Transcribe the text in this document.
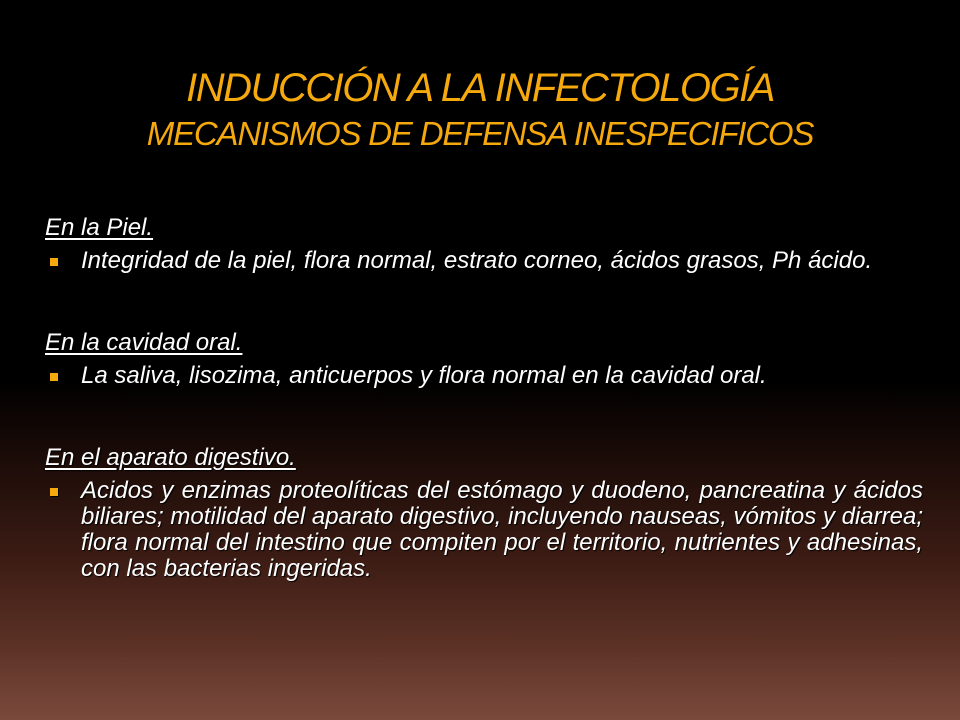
INDUCCIÓN A LA INFECTOLOGÍA
MECANISMOS DE DEFENSA INESPECIFICOS

En la Piel.

Integridad de la piel, flora normal, estrato corneo, ácidos grasos, Ph ácido.

En la cavidad oral.

La saliva, lisozima, anticuerpos y flora normal en la cavidad oral.

En el aparato digestivo.

Acidos y enzimas proteolíticas del estómago y duodeno, pancreatina y ácidos biliares; motilidad del aparato digestivo, incluyendo nauseas, vómitos y diarrea; flora normal del intestino que compiten por el territorio, nutrientes y adhesinas, con las bacterias ingeridas.
